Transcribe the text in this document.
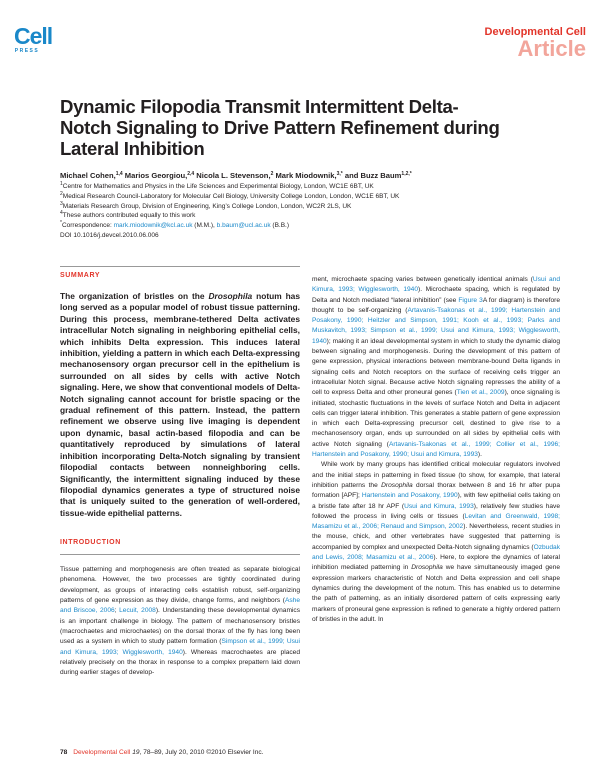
Cell
PRESS
Developmental Cell
Article
Dynamic Filopodia Transmit Intermittent Delta-Notch Signaling to Drive Pattern Refinement during Lateral Inhibition
Michael Cohen,$^{1,4}$ Marios Georgiou,$^{2,4}$ Nicola L. Stevenson,$^2$ Mark Miodownik,$^{3,*}$ and Buzz Baum$^{1,2,*}$
$^1$Centre for Mathematics and Physics in the Life Sciences and Experimental Biology, London, WC1E 6BT, UK
$^2$Medical Research Council-Laboratory for Molecular Cell Biology, University College London, London, WC1E 6BT, UK
$^3$Materials Research Group, Division of Engineering, King’s College London, London, WC2R 2LS, UK
$^4$These authors contributed equally to this work
*Correspondence: mark.miodownik@kcl.ac.uk (M.M.), b.baum@ucl.ac.uk (B.B.)
DOI 10.1016/j.devcel.2010.06.006
SUMMARY

The organization of bristles on the Drosophila notum has long served as a popular model of robust tissue patterning. During this process, membrane-tethered Delta activates intracellular Notch signaling in neighboring epithelial cells, which inhibits Delta expression. This induces lateral inhibition, yielding a pattern in which each Delta-expressing mechanosensory organ precursor cell in the epithelium is surrounded on all sides by cells with active Notch signaling. Here, we show that conventional models of Delta-Notch signaling cannot account for bristle spacing or the gradual refinement of this pattern. Instead, the pattern refinement we observe using live imaging is dependent upon dynamic, basal actin-based filopodia and can be quantitatively reproduced by simulations of lateral inhibition incorporating Delta-Notch signaling by transient filopodial contacts between nonneighboring cells. Significantly, the intermittent signaling induced by these filopodial dynamics generates a type of structured noise that is uniquely suited to the generation of well-ordered, tissue-wide epithelial patterns.

INTRODUCTION

Tissue patterning and morphogenesis are often treated as separate biological phenomena. However, the two processes are tightly coordinated during development, as groups of interacting cells establish robust, self-organizing patterns of gene expression as they divide, change forms, and neighbors (Ashe and Briscoe, 2006; Lecuit, 2008). Understanding these developmental dynamics is an important challenge in biology. The pattern of mechanosensory bristles (macrochaetes and microchaetes) on the dorsal thorax of the fly has long been used as a system in which to study pattern formation (Simpson et al., 1999; Usui and Kimura, 1993; Wigglesworth, 1940). Whereas macrochaetes are placed relatively precisely on the thorax in response to a complex prepattern laid down during earlier stages of develop-

ment, microchaete spacing varies between genetically identical animals (Usui and Kimura, 1993; Wigglesworth, 1940). Microchaete spacing, which is regulated by Delta and Notch mediated “lateral inhibition” (see Figure 3A for diagram) is therefore thought to be self-organizing (Artavanis-Tsakonas et al., 1999; Hartenstein and Posakony, 1990; Heitzler and Simpson, 1991; Kooh et al., 1993; Parks and Muskavitch, 1993; Simpson et al., 1999; Usui and Kimura, 1993; Wigglesworth, 1940); making it an ideal developmental system in which to study the dynamic dialog between signaling and morphogenesis. During the development of this pattern of gene expression, physical interactions between membrane-bound Delta ligands in signaling cells and Notch receptors on the surface of receiving cells trigger an intracellular Notch signal. Because active Notch signaling represses the ability of a cell to express Delta and other proneural genes (Tien et al., 2009), once signaling is initiated, stochastic fluctuations in the levels of surface Notch and Delta in adjacent cells can trigger lateral inhibition. This generates a stable pattern of gene expression in which each Delta-expressing precursor cell, destined to give rise to a mechanosensory organ, ends up surrounded on all sides by epithelial cells with active Notch signaling (Artavanis-Tsakonas et al., 1999; Collier et al., 1996; Hartenstein and Posakony, 1990; Usui and Kimura, 1993).

While work by many groups has identified critical molecular regulators involved and the initial steps in patterning in fixed tissue (to show, for example, that lateral inhibition patterns the Drosophila dorsal thorax between 8 and 16 hr after pupa formation [APF]; Hartenstein and Posakony, 1990), with few epithelial cells taking on a bristle fate after 18 hr APF (Usui and Kimura, 1993), relatively few studies have followed the process in living cells or tissues (Levitan and Greenwald, 1998; Masamizu et al., 2006; Renaud and Simpson, 2002). Nevertheless, recent studies in the mouse, chick, and other vertebrates have suggested that patterning is accompanied by complex and unexpected Delta-Notch signaling dynamics (Ozbudak and Lewis, 2008; Masamizu et al., 2006). Here, to explore the dynamics of lateral inhibition mediated patterning in Drosophila we have simultaneously imaged gene expression markers characteristic of Notch and Delta expression and cell shape dynamics during the development of the notum. This has enabled us to determine the path of patterning, as an initially disordered pattern of cells expressing early markers of proneural gene expression is refined to generate a highly ordered pattern of bristles in the adult. In

78 Developmental Cell 19, 78–89, July 20, 2010 ©2010 Elsevier Inc.
